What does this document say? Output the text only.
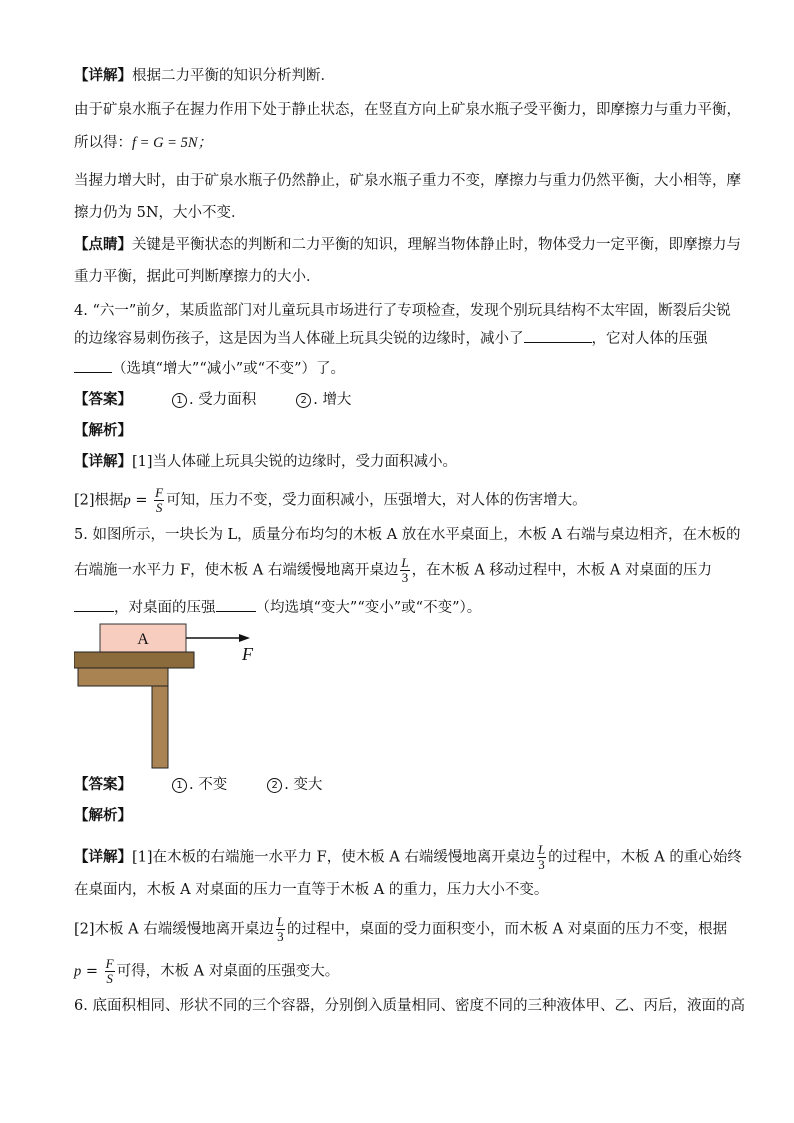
【详解】根据二力平衡的知识分析判断．
由于矿泉水瓶子在握力作用下处于静止状态，在竖直方向上矿泉水瓶子受平衡力，即摩擦力与重力平衡，
所以得：f = G = 5N；
当握力增大时，由于矿泉水瓶子仍然静止，矿泉水瓶子重力不变，摩擦力与重力仍然平衡，大小相等，摩
擦力仍为 5N，大小不变．
【点睛】关键是平衡状态的判断和二力平衡的知识，理解当物体静止时，物体受力一定平衡，即摩擦力与
重力平衡，据此可判断摩擦力的大小．
4. “六一”前夕，某质监部门对儿童玩具市场进行了专项检查，发现个别玩具结构不太牢固，断裂后尖锐
的边缘容易刺伤孩子，这是因为当人体碰上玩具尖锐的边缘时，减小了	，它对人体的压强
（选填“增大”“减小”或“不变”）了。
【答案】	1 . 受力面积	2 . 增大
【解析】
【详解】[1]当人体碰上玩具尖锐的边缘时，受力面积减小。
[2]根据$p = \frac{F}{S}$ 可知，压力不变，受力面积减小，压强增大，对人体的伤害增大。
5. 如图所示，一块长为 L，质量分布均匀的木板 A 放在水平桌面上，木板 A 右端与桌边相齐，在木板的
右端施一水平力 F，使木板 A 右端缓慢地离开桌边 $\frac{L}{3}$ ，在木板 A 移动过程中，木板 A 对桌面的压力
，对桌面的压强	（均选填“变大”“变小”或“不变”）。
A
F
【答案】	1 . 不变	2 . 变大
【解析】
【详解】[1]在木板的右端施一水平力 F，使木板 A 右端缓慢地离开桌边 $\frac{L}{3}$ 的过程中，木板 A 的重心始终
在桌面内，木板 A 对桌面的压力一直等于木板 A 的重力，压力大小不变。
[2]木板 A 右端缓慢地离开桌边 $\frac{L}{3}$ 的过程中，桌面的受力面积变小，而木板 A 对桌面的压力不变，根据
$p = \frac{F}{S}$ 可得，木板 A 对桌面的压强变大。
6. 底面积相同、形状不同的三个容器，分别倒入质量相同、密度不同的三种液体甲、乙、丙后，液面的高
